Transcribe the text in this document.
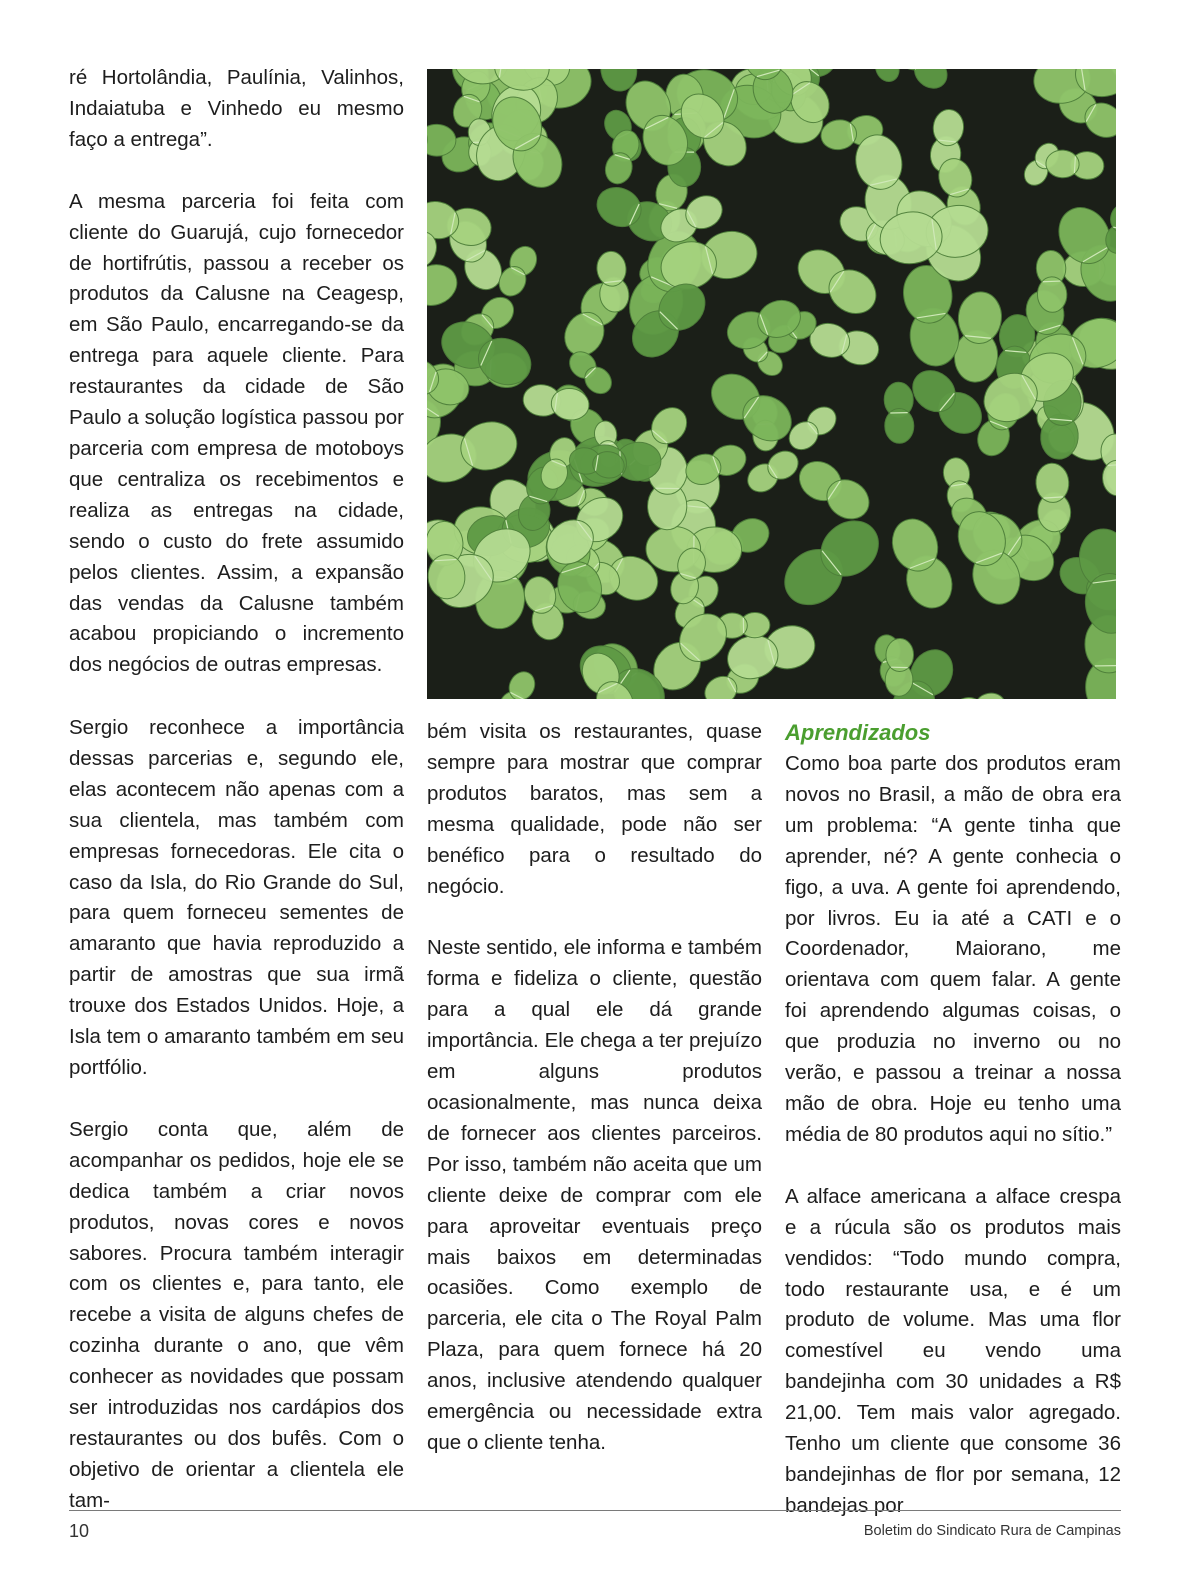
ré Hortolândia, Paulínia, Valinhos, Indaiatuba e Vinhedo eu mesmo faço a entrega”.

A mesma parceria foi feita com cliente do Guarujá, cujo fornecedor de hortifrútis, passou a receber os produtos da Calusne na Ceagesp, em São Paulo, encarregando-se da entrega para aquele cliente. Para restaurantes da cidade de São Paulo a solução logística passou por parceria com empresa de motoboys que centraliza os recebimentos e realiza as entregas na cidade, sendo o custo do frete assumido pelos clientes. Assim, a expansão das vendas da Calusne também acabou propiciando o incremento dos negócios de outras empresas.

Sergio reconhece a importância dessas parcerias e, segundo ele, elas acontecem não apenas com a sua clientela, mas também com empresas fornecedoras. Ele cita o caso da Isla, do Rio Grande do Sul, para quem forneceu sementes de amaranto que havia reproduzido a partir de amostras que sua irmã trouxe dos Estados Unidos. Hoje, a Isla tem o amaranto também em seu portfólio.

Sergio conta que, além de acompanhar os pedidos, hoje ele se dedica também a criar novos produtos, novas cores e novos sabores. Procura também interagir com os clientes e, para tanto, ele recebe a visita de alguns chefes de cozinha durante o ano, que vêm conhecer as novidades que possam ser introduzidas nos cardápios dos restaurantes ou dos bufês. Com o objetivo de orientar a clientela ele tam-

bém visita os restaurantes, quase sempre para mostrar que comprar produtos baratos, mas sem a mesma qualidade, pode não ser benéfico para o resultado do negócio.

Neste sentido, ele informa e também forma e fideliza o cliente, questão para a qual ele dá grande importância. Ele chega a ter prejuízo em alguns produtos ocasionalmente, mas nunca deixa de fornecer aos clientes parceiros. Por isso, também não aceita que um cliente deixe de comprar com ele para aproveitar eventuais preço mais baixos em determinadas ocasiões. Como exemplo de parceria, ele cita o The Royal Palm Plaza, para quem fornece há 20 anos, inclusive atendendo qualquer emergência ou necessidade extra que o cliente tenha.

Aprendizados

Como boa parte dos produtos eram novos no Brasil, a mão de obra era um problema: “A gente tinha que aprender, né? A gente conhecia o figo, a uva. A gente foi aprendendo, por livros. Eu ia até a CATI e o Coordenador, Maiorano, me orientava com quem falar. A gente foi aprendendo algumas coisas, o que produzia no inverno ou no verão, e passou a treinar a nossa mão de obra. Hoje eu tenho uma média de 80 produtos aqui no sítio.”

A alface americana a alface crespa e a rúcula são os produtos mais vendidos: “Todo mundo compra, todo restaurante usa, e é um produto de volume. Mas uma flor comestível eu vendo uma bandejinha com 30 unidades a R$ 21,00. Tem mais valor agregado. Tenho um cliente que consome 36 bandejinhas de flor por semana, 12 bandejas por

10	Boletim do Sindicato Rura de Campinas
